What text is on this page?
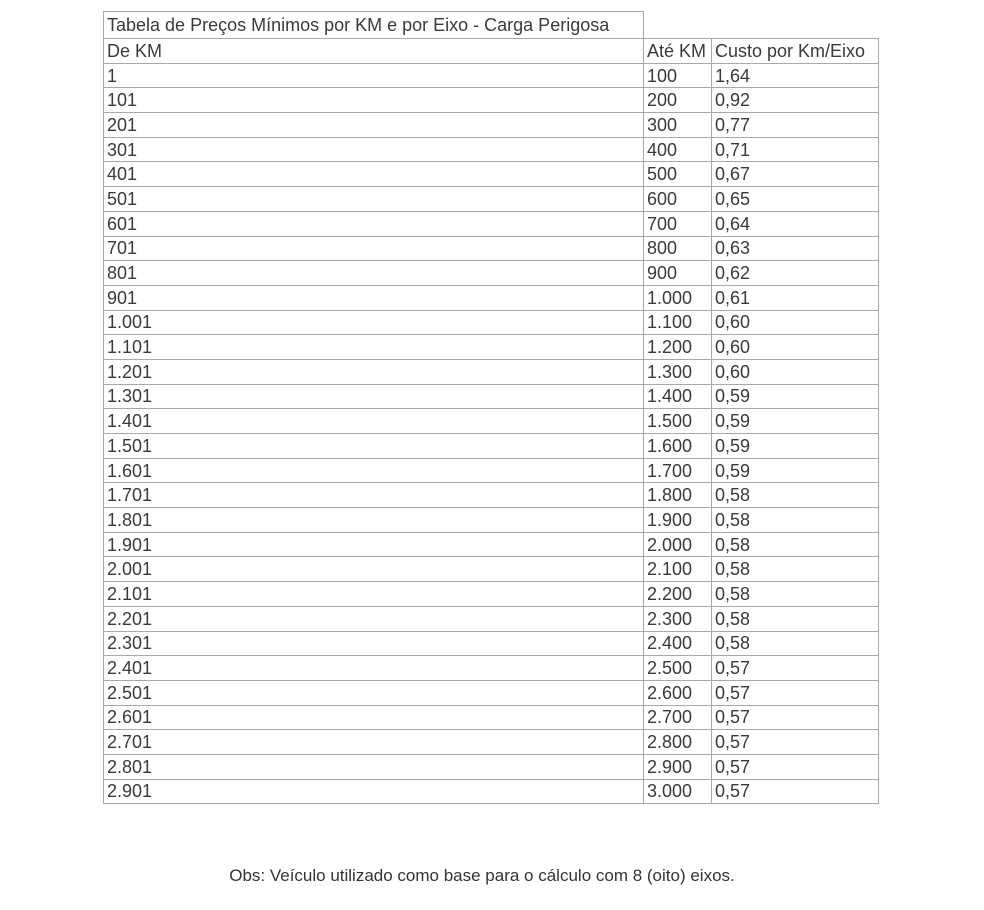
Tabela de Preços Mínimos por KM e por Eixo - Carga Perigosa		
De KM	Até KM	Custo por Km/Eixo
1	100	1,64
101	200	0,92
201	300	0,77
301	400	0,71
401	500	0,67
501	600	0,65
601	700	0,64
701	800	0,63
801	900	0,62
901	1.000	0,61
1.001	1.100	0,60
1.101	1.200	0,60
1.201	1.300	0,60
1.301	1.400	0,59
1.401	1.500	0,59
1.501	1.600	0,59
1.601	1.700	0,59
1.701	1.800	0,58
1.801	1.900	0,58
1.901	2.000	0,58
2.001	2.100	0,58
2.101	2.200	0,58
2.201	2.300	0,58
2.301	2.400	0,58
2.401	2.500	0,57
2.501	2.600	0,57
2.601	2.700	0,57
2.701	2.800	0,57
2.801	2.900	0,57
2.901	3.000	0,57
Obs: Veículo utilizado como base para o cálculo com 8 (oito) eixos.
